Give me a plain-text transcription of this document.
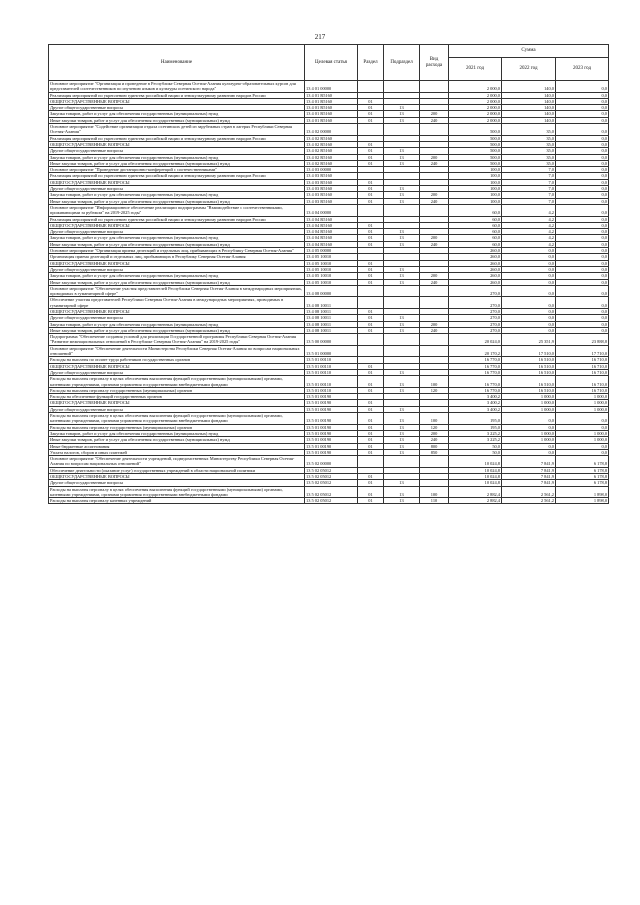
217
Наименование	Целевая статья	Раздел	Подраздел	Вид расхода	Сумма		
					2021 год	2022 год	2023 год
Основное мероприятие "Организация и проведение в Республике Северная Осетия-Алания культурно-образовательных курсов для представителей соотечественников по изучению языков и культуры осетинского народа"	13 4 01 00000				2 000,0	140,0	0,0
Реализация мероприятий по укреплению единства российской нации и этнокультурному развитию народов России	13 4 01 R5160				2 000,0	140,0	0,0
ОБЩЕГОСУДАРСТВЕННЫЕ ВОПРОСЫ	13 4 01 R5160	01			2 000,0	140,0	0,0
Другие общегосударственные вопросы	13 4 01 R5160	01	13		2 000,0	140,0	0,0
Закупка товаров, работ и услуг для обеспечения государственных (муниципальных) нужд	13 4 01 R5160	01	13	200	2 000,0	140,0	0,0
Иные закупки товаров, работ и услуг для обеспечения государственных (муниципальных) нужд	13 4 01 R5160	01	13	240	2 000,0	140,0	0,0
Основное мероприятие "Содействие организации отдыха осетинских детей из зарубежных стран в лагерях Республики Северная Осетия-Алания"	13 4 02 00000				500,0	35,0	0,0
Реализация мероприятий по укреплению единства российской нации и этнокультурному развитию народов России	13 4 02 R5160				500,0	35,0	0,0
ОБЩЕГОСУДАРСТВЕННЫЕ ВОПРОСЫ	13 4 02 R5160	01			500,0	35,0	0,0
Другие общегосударственные вопросы	13 4 02 R5160	01	13		500,0	35,0	0,0
Закупка товаров, работ и услуг для обеспечения государственных (муниципальных) нужд	13 4 02 R5160	01	13	200	500,0	35,0	0,0
Иные закупки товаров, работ и услуг для обеспечения государственных (муниципальных) нужд	13 4 02 R5160	01	13	240	500,0	35,0	0,0
Основное мероприятие "Проведение дистанционно-конференций с соотечественниками"	13 4 03 00000				100,0	7,0	0,0
Реализация мероприятий по укреплению единства российской нации и этнокультурному развитию народов России	13 4 03 R5160				100,0	7,0	0,0
ОБЩЕГОСУДАРСТВЕННЫЕ ВОПРОСЫ	13 4 03 R5160	01			100,0	7,0	0,0
Другие общегосударственные вопросы	13 4 03 R5160	01	13		100,0	7,0	0,0
Закупка товаров, работ и услуг для обеспечения государственных (муниципальных) нужд	13 4 03 R5160	01	13	200	100,0	7,0	0,0
Иные закупки товаров, работ и услуг для обеспечения государственных (муниципальных) нужд	13 4 03 R5160	01	13	240	100,0	7,0	0,0
Основное мероприятие "Информационное обеспечение реализации подпрограммы "Взаимодействие с соотечественниками, проживающими за рубежом" на 2019-2025 годы"	13 4 04 00000				60,0	4,2	0,0
Реализация мероприятий по укреплению единства российской нации и этнокультурному развитию народов России	13 4 04 R5160				60,0	4,2	0,0
ОБЩЕГОСУДАРСТВЕННЫЕ ВОПРОСЫ	13 4 04 R5160	01			60,0	4,2	0,0
Другие общегосударственные вопросы	13 4 04 R5160	01	13		60,0	4,2	0,0
Закупка товаров, работ и услуг для обеспечения государственных (муниципальных) нужд	13 4 04 R5160	01	13	200	60,0	4,2	0,0
Иные закупки товаров, работ и услуг для обеспечения государственных (муниципальных) нужд	13 4 04 R5160	01	13	240	60,0	4,2	0,0
Основное мероприятие "Организация приема делегаций и отдельных лиц, прибывающих в Республику Северная Осетия-Алания"	13 4 05 00000				260,0	0,0	0,0
Организация приема делегаций и отдельных лиц, прибывающих в Республику Северная Осетия-Алания	13 4 05 10010				260,0	0,0	0,0
ОБЩЕГОСУДАРСТВЕННЫЕ ВОПРОСЫ	13 4 05 10010	01			260,0	0,0	0,0
Другие общегосударственные вопросы	13 4 05 10010	01	13		260,0	0,0	0,0
Закупка товаров, работ и услуг для обеспечения государственных (муниципальных) нужд	13 4 05 10010	01	13	200	260,0	0,0	0,0
Иные закупки товаров, работ и услуг для обеспечения государственных (муниципальных) нужд	13 4 05 10010	01	13	240	260,0	0,0	0,0
Основное мероприятие "Обеспечение участия представителей Республики Северная Осетия-Алания в международных мероприятиях, проводимых в гуманитарной сфере"	13 4 08 00000				270,0	0,0	0,0
Обеспечение участия представителей Республики Северная Осетия-Алания в международных мероприятиях, проводимых в гуманитарной сфере	13 4 08 10011				270,0	0,0	0,0
ОБЩЕГОСУДАРСТВЕННЫЕ ВОПРОСЫ	13 4 08 10011	01			270,0	0,0	0,0
Другие общегосударственные вопросы	13 4 08 10011	01	13		270,0	0,0	0,0
Закупка товаров, работ и услуг для обеспечения государственных (муниципальных) нужд	13 4 08 10011	01	13	200	270,0	0,0	0,0
Иные закупки товаров, работ и услуг для обеспечения государственных (муниципальных) нужд	13 4 08 10011	01	13	240	270,0	0,0	0,0
Подпрограмма "Обеспечение создания условий для реализации Государственной программы Республики Северная Осетия-Алания "Развитие межнациональных отношений в Республике Северная Осетия-Алания" на 2019-2025 годы"	13 5 00 00000				20 024,0	25 351,9	23 888,8
Основное мероприятие "Обеспечение деятельности Министерства Республики Северная Осетия-Алания по вопросам национальных отношений"	13 5 01 00000				20 170,2	17 510,0	17 710,0
Расходы на выплаты по оплате труда работников государственных органов	13 5 01 00110				16 770,0	16 510,0	16 710,0
ОБЩЕГОСУДАРСТВЕННЫЕ ВОПРОСЫ	13 5 01 00110	01			16 770,0	16 510,0	16 710,0
Другие общегосударственные вопросы	13 5 01 00110	01	13		16 770,0	16 510,0	16 710,0
Расходы на выплаты персоналу в целях обеспечения выполнения функций государственными (муниципальными) органами, казенными учреждениями, органами управления государственными внебюджетными фондами	13 5 01 00110	01	13	100	16 770,0	16 510,0	16 710,0
Расходы на выплаты персоналу государственных (муниципальных) органов	13 5 01 00110	01	13	120	16 770,0	16 510,0	16 710,0
Расходы на обеспечение функций государственных органов	13 5 01 00190				3 400,2	1 000,0	1 000,0
ОБЩЕГОСУДАРСТВЕННЫЕ ВОПРОСЫ	13 5 01 00190	01			3 400,2	1 000,0	1 000,0
Другие общегосударственные вопросы	13 5 01 00190	01	13		3 400,2	1 000,0	1 000,0
Расходы на выплаты персоналу в целях обеспечения выполнения функций государственными (муниципальными) органами, казенными учреждениями, органами управления государственными внебюджетными фондами	13 5 01 00190	01	13	100	195,0	0,0	0,0
Расходы на выплаты персоналу государственных (муниципальных) органов	13 5 01 00190	01	13	120	195,0	0,0	0,0
Закупка товаров, работ и услуг для обеспечения государственных (муниципальных) нужд	13 5 01 00190	01	13	200	3 225,2	1 000,0	1 000,0
Иные закупки товаров, работ и услуг для обеспечения государственных (муниципальных) нужд	13 5 01 00190	01	13	240	3 225,2	1 000,0	1 000,0
Иные бюджетные ассигнования	13 5 01 00190	01	13	800	50,0	0,0	0,0
Уплата налогов, сборов и иных платежей	13 5 01 00190	01	13	850	50,0	0,0	0,0
Основное мероприятие "Обеспечение деятельности учреждений, подведомственных Министерству Республики Северная Осетия-Алания по вопросам национальных отношений"	13 5 02 00000				10 024,8	7 841,9	6 178,8
Обеспечение деятельности (оказание услуг) государственных учреждений в области национальной политики	13 5 02 05012				10 024,8	7 841,9	6 178,8
ОБЩЕГОСУДАРСТВЕННЫЕ ВОПРОСЫ	13 5 02 05012	01			10 024,8	7 841,9	6 178,8
Другие общегосударственные вопросы	13 5 02 05012	01	13		10 024,8	7 841,9	6 178,8
Расходы на выплаты персоналу в целях обеспечения выполнения функций государственными (муниципальными) органами, казенными учреждениями, органами управления государственными внебюджетными фондами	13 5 02 05012	01	13	100	2 882,4	2 561,2	1 898,0
Расходы на выплаты персоналу казенных учреждений	13 5 02 05012	01	13	110	2 882,4	2 561,2	1 898,0
